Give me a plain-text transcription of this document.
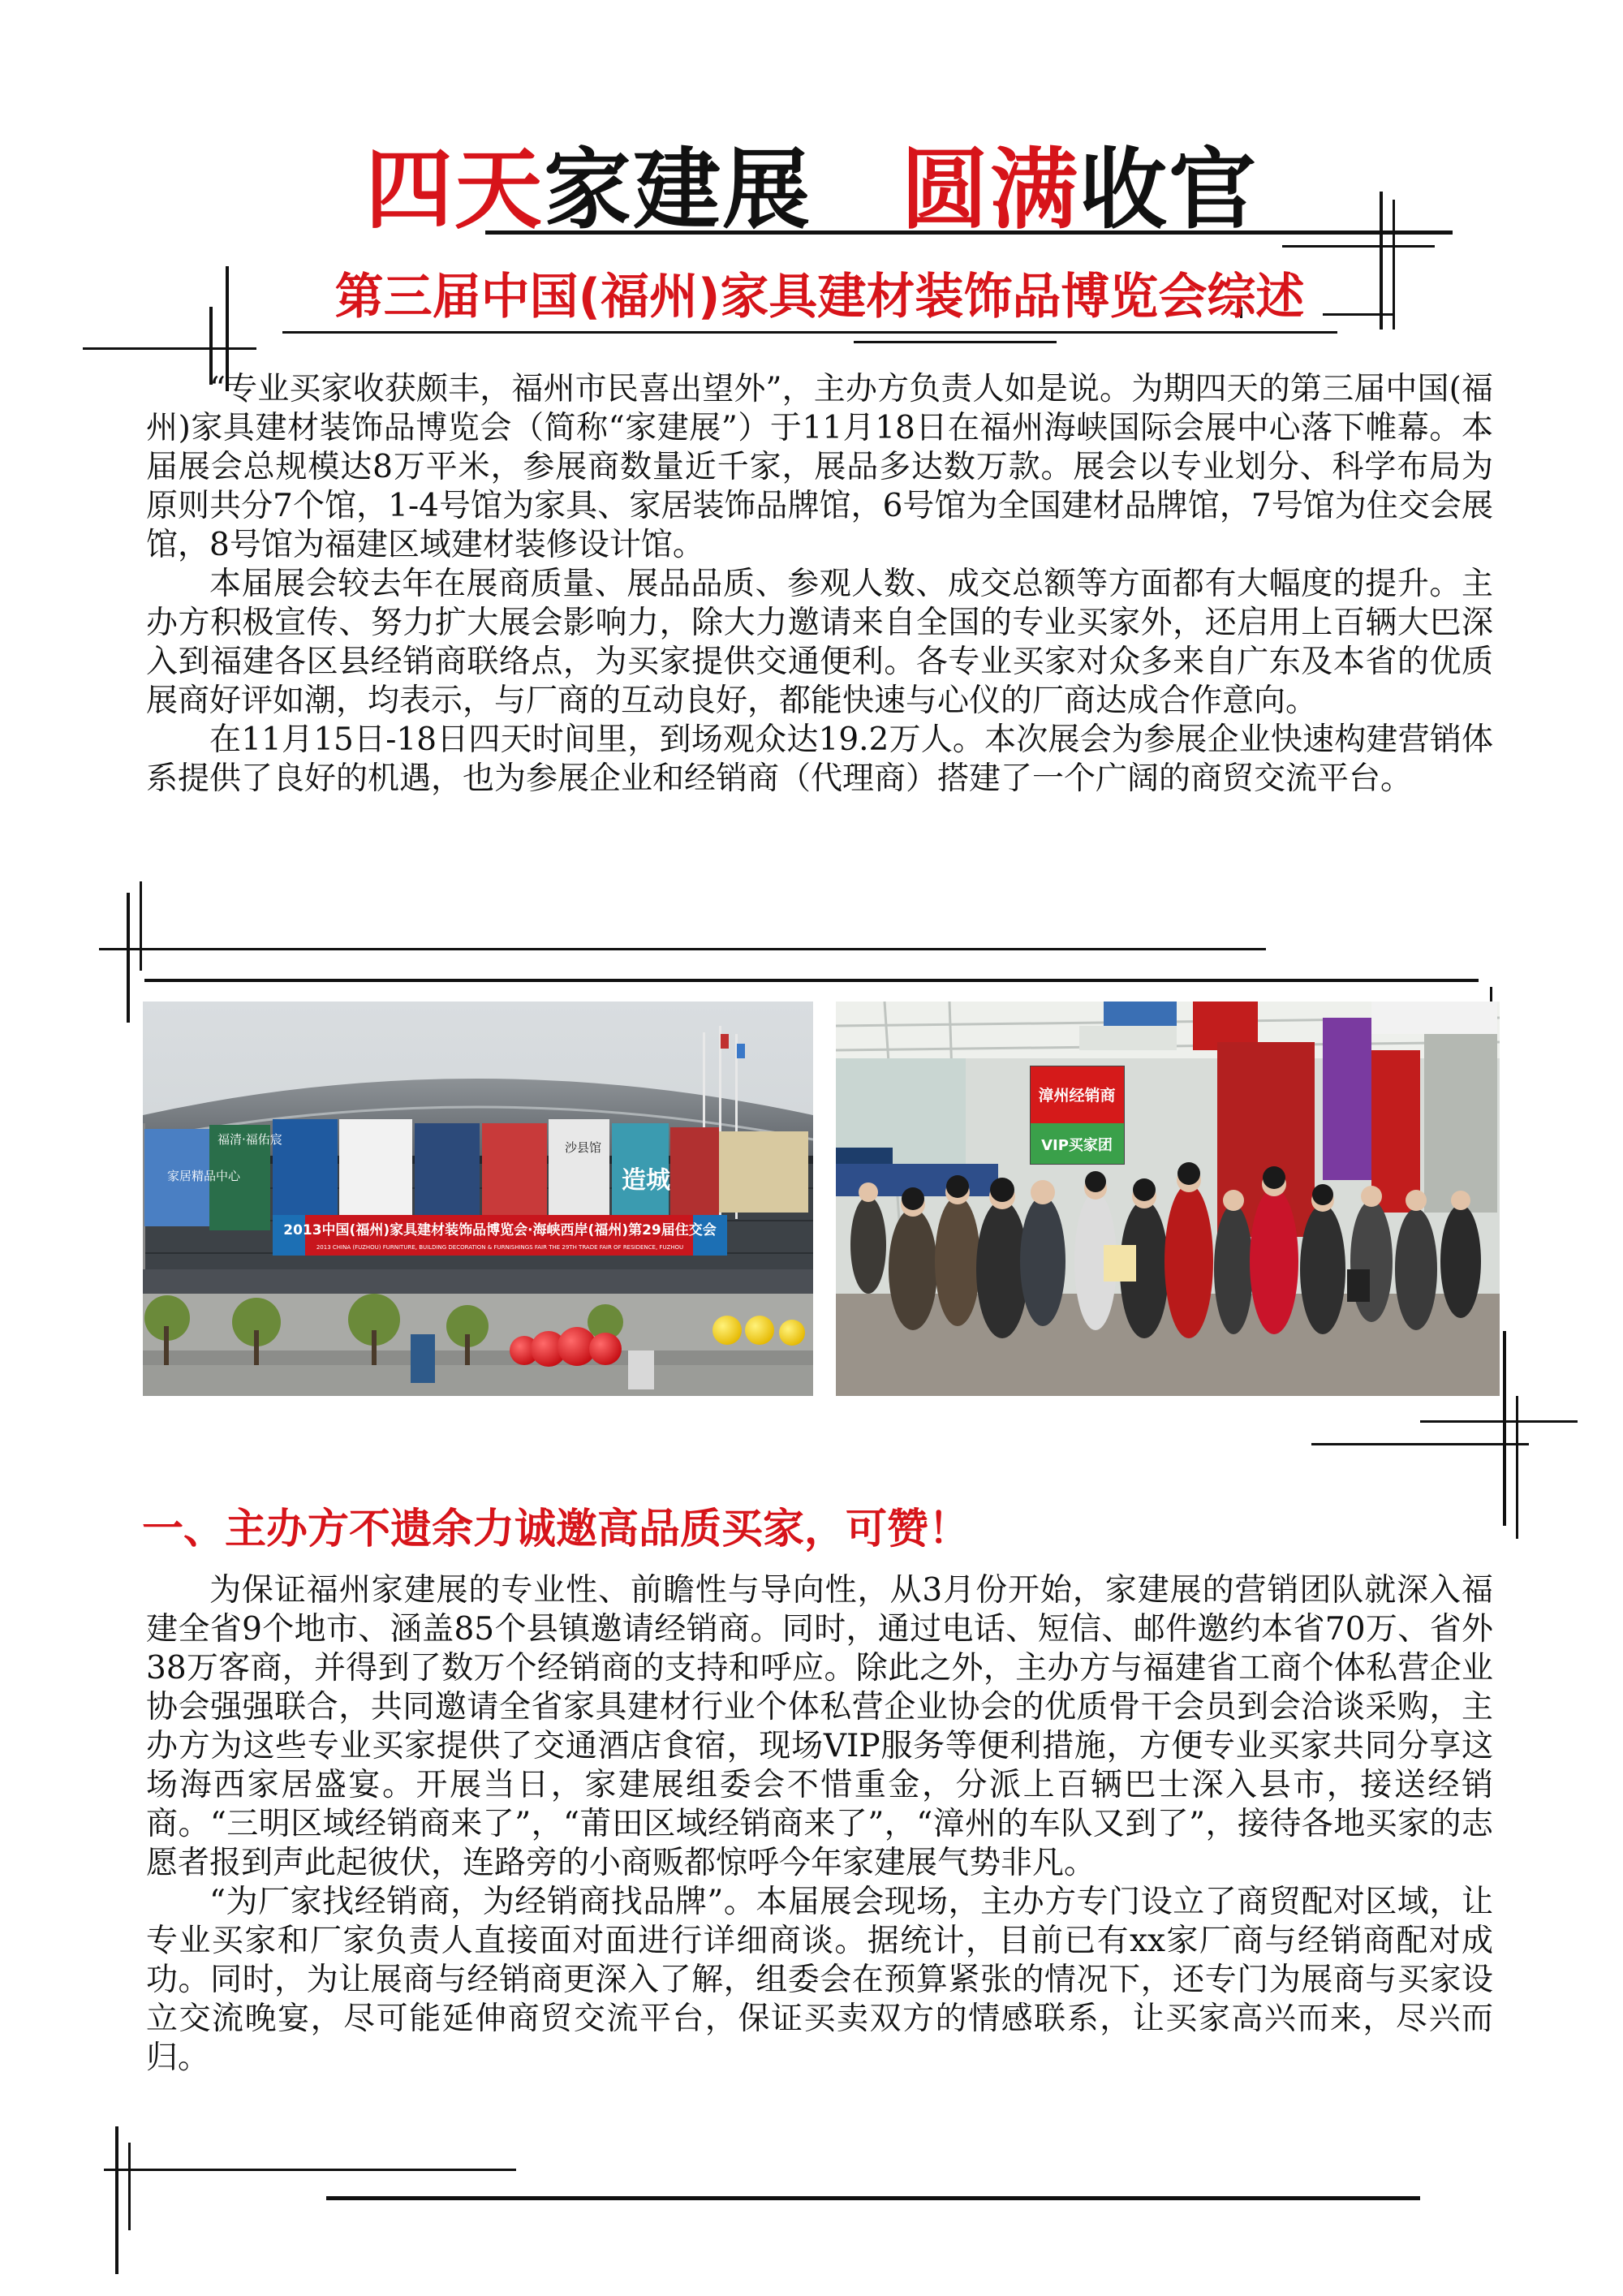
四天家建展 圆满收官
第三届中国(福州)家具建材装饰品博览会综述

“专业买家收获颇丰，福州市民喜出望外”，主办方负责人如是说。为期四天的第三届中国(福州)家具建材装饰品博览会（简称“家建展”）于11月18日在福州海峡国际会展中心落下帷幕。本届展会总规模达8万平米，参展商数量近千家，展品多达数万款。展会以专业划分、科学布局为原则共分7个馆，1-4号馆为家具、家居装饰品牌馆，6号馆为全国建材品牌馆，7号馆为住交会展馆，8号馆为福建区域建材装修设计馆。

本届展会较去年在展商质量、展品品质、参观人数、成交总额等方面都有大幅度的提升。主办方积极宣传、努力扩大展会影响力，除大力邀请来自全国的专业买家外，还启用上百辆大巴深入到福建各区县经销商联络点，为买家提供交通便利。各专业买家对众多来自广东及本省的优质展商好评如潮，均表示，与厂商的互动良好，都能快速与心仪的厂商达成合作意向。

在11月15日-18日四天时间里，到场观众达19.2万人。本次展会为参展企业快速构建营销体系提供了良好的机遇，也为参展企业和经销商（代理商）搭建了一个广阔的商贸交流平台。

家居精品中心
福清·福佑宸
沙县馆
造城
2013中国(福州)家具建材装饰品博览会·海峡西岸(福州)第29届住交会
2013 CHINA (FUZHOU) FURNITURE, BUILDING DECORATION & FURNISHINGS FAIR THE 29TH TRADE FAIR OF RESIDENCE, FUZHOU
漳州经销商
VIP买家团
一、主办方不遗余力诚邀高品质买家，可赞！

为保证福州家建展的专业性、前瞻性与导向性，从3月份开始，家建展的营销团队就深入福建全省9个地市、涵盖85个县镇邀请经销商。同时，通过电话、短信、邮件邀约本省70万、省外38万客商，并得到了数万个经销商的支持和呼应。除此之外，主办方与福建省工商个体私营企业协会强强联合，共同邀请全省家具建材行业个体私营企业协会的优质骨干会员到会洽谈采购，主办方为这些专业买家提供了交通酒店食宿，现场VIP服务等便利措施，方便专业买家共同分享这场海西家居盛宴。开展当日，家建展组委会不惜重金，分派上百辆巴士深入县市，接送经销商。“三明区域经销商来了”，“莆田区域经销商来了”，“漳州的车队又到了”，接待各地买家的志愿者报到声此起彼伏，连路旁的小商贩都惊呼今年家建展气势非凡。

“为厂家找经销商，为经销商找品牌”。本届展会现场，主办方专门设立了商贸配对区域，让专业买家和厂家负责人直接面对面进行详细商谈。据统计，目前已有xx家厂商与经销商配对成功。同时，为让展商与经销商更深入了解，组委会在预算紧张的情况下，还专门为展商与买家设立交流晚宴，尽可能延伸商贸交流平台，保证买卖双方的情感联系，让买家高兴而来，尽兴而归。
